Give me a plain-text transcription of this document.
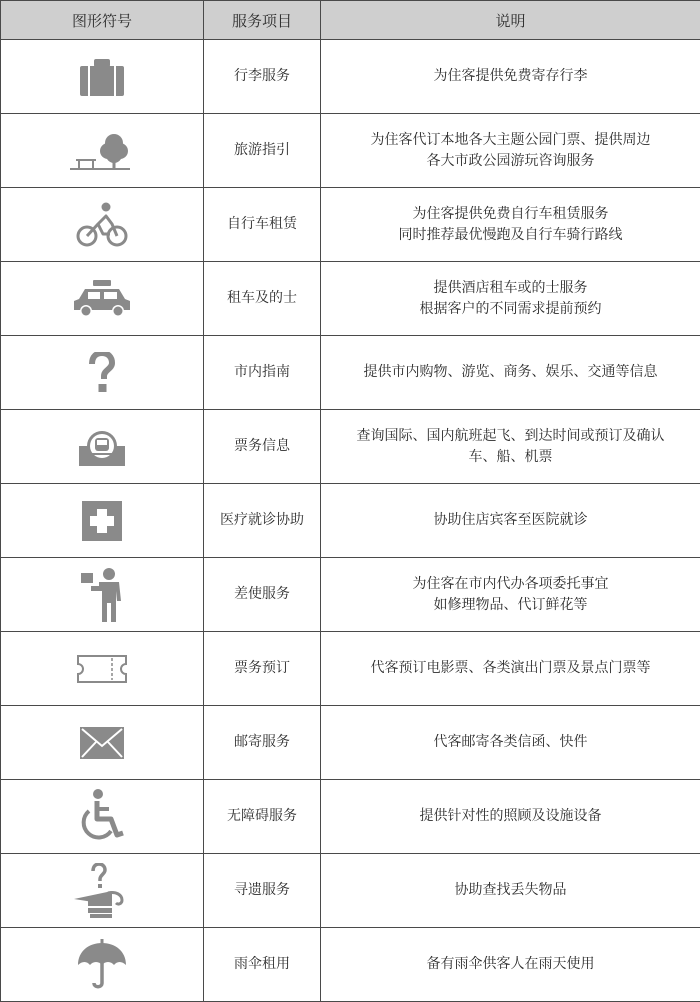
图形符号	服务项目	说明

	行李服务	为住客提供免费寄存行李

	旅游指引	为住客代订本地各大主题公园门票、提供周边
各大市政公园游玩咨询服务

	自行车租赁	为住客提供免费自行车租赁服务
同时推荐最优慢跑及自行车骑行路线

	租车及的士	提供酒店租车或的士服务
根据客户的不同需求提前预约

	市内指南	提供市内购物、游览、商务、娱乐、交通等信息

	票务信息	查询国际、国内航班起飞、到达时间或预订及确认
车、船、机票

	医疗就诊协助	协助住店宾客至医院就诊

	差使服务	为住客在市内代办各项委托事宜
如修理物品、代订鲜花等

	票务预订	代客预订电影票、各类演出门票及景点门票等

	邮寄服务	代客邮寄各类信函、快件

	无障碍服务	提供针对性的照顾及设施设备

	寻遗服务	协助查找丢失物品

	雨伞租用	备有雨伞供客人在雨天使用
